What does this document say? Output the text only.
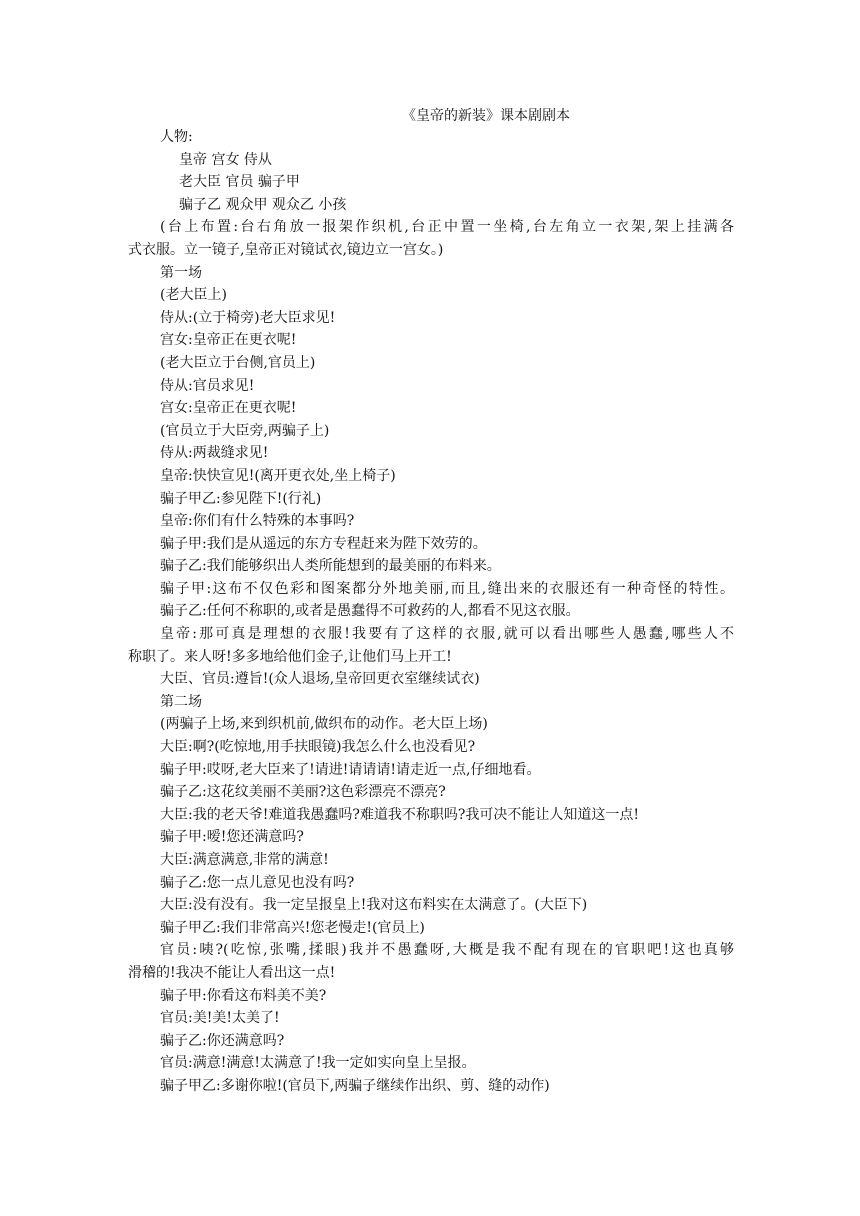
《皇帝的新装》课本剧剧本
人物:
皇帝 宫女 侍从
老大臣 官员 骗子甲
骗子乙 观众甲 观众乙 小孩
(台上布置:台右角放一报架作织机,台正中置一坐椅,台左角立一衣架,架上挂满各
式衣服。立一镜子,皇帝正对镜试衣,镜边立一宫女。)
第一场
(老大臣上)
侍从:(立于椅旁)老大臣求见!
宫女:皇帝正在更衣呢!
(老大臣立于台侧,官员上)
侍从:官员求见!
宫女:皇帝正在更衣呢!
(官员立于大臣旁,两骗子上)
侍从:两裁缝求见!
皇帝:快快宣见!(离开更衣处,坐上椅子)
骗子甲乙:参见陛下!(行礼)
皇帝:你们有什么特殊的本事吗?
骗子甲:我们是从遥远的东方专程赶来为陛下效劳的。
骗子乙:我们能够织出人类所能想到的最美丽的布料来。
骗子甲:这布不仅色彩和图案都分外地美丽,而且,缝出来的衣服还有一种奇怪的特性。
骗子乙:任何不称职的,或者是愚蠢得不可救药的人,都看不见这衣服。
皇帝:那可真是理想的衣服!我要有了这样的衣服,就可以看出哪些人愚蠢,哪些人不
称职了。来人呀!多多地给他们金子,让他们马上开工!
大臣、官员:遵旨!(众人退场,皇帝回更衣室继续试衣)
第二场
(两骗子上场,来到织机前,做织布的动作。老大臣上场)
大臣:啊?(吃惊地,用手扶眼镜)我怎么什么也没看见?
骗子甲:哎呀,老大臣来了!请进!请请请!请走近一点,仔细地看。
骗子乙:这花纹美丽不美丽?这色彩漂亮不漂亮?
大臣:我的老天爷!难道我愚蠢吗?难道我不称职吗?我可决不能让人知道这一点!
骗子甲:嗳!您还满意吗?
大臣:满意满意,非常的满意!
骗子乙:您一点儿意见也没有吗?
大臣:没有没有。我一定呈报皇上!我对这布料实在太满意了。(大臣下)
骗子甲乙:我们非常高兴!您老慢走!(官员上)
官员:咦?(吃惊,张嘴,揉眼)我并不愚蠢呀,大概是我不配有现在的官职吧!这也真够
滑稽的!我决不能让人看出这一点!
骗子甲:你看这布料美不美?
官员:美!美!太美了!
骗子乙:你还满意吗?
官员:满意!满意!太满意了!我一定如实向皇上呈报。
骗子甲乙:多谢你啦!(官员下,两骗子继续作出织、剪、缝的动作)
